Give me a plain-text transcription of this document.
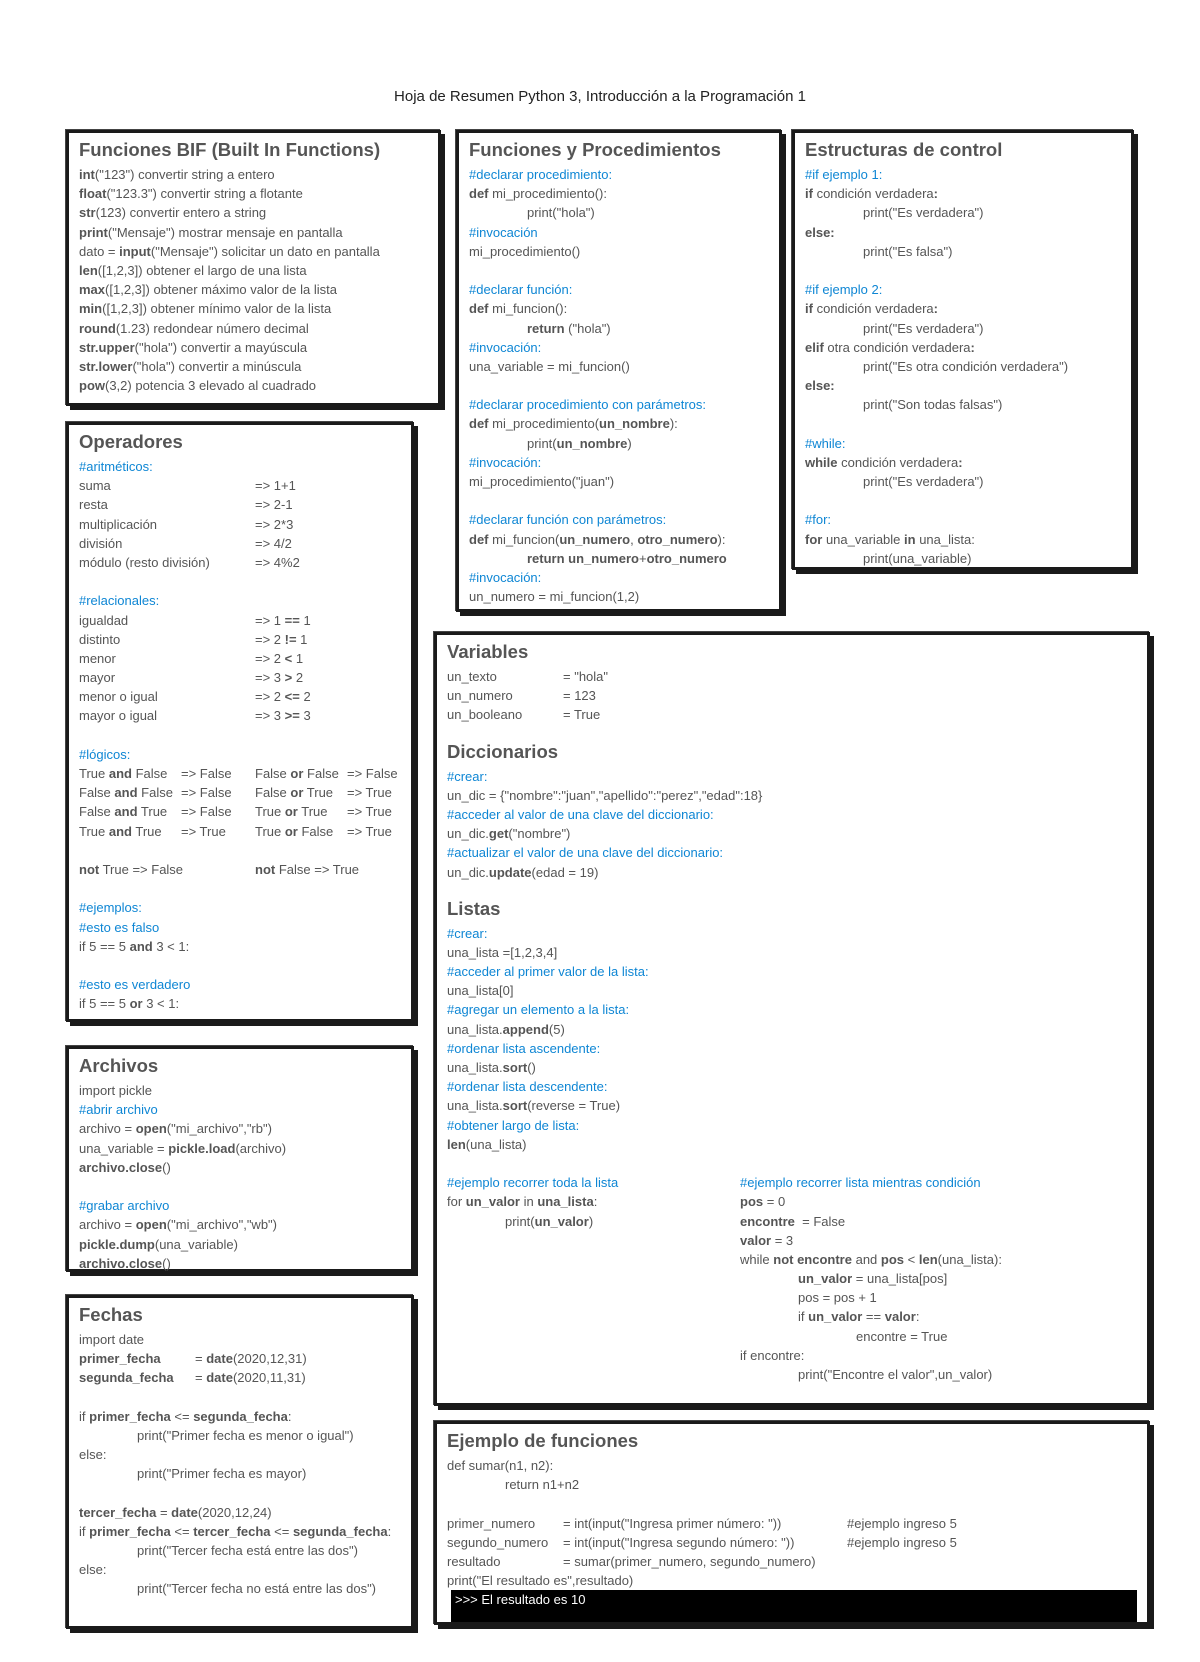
Hoja de Resumen Python 3, Introducción a la Programación 1
Funciones BIF (Built In Functions)
int("123") convertir string a entero
float("123.3") convertir string a flotante
str(123) convertir entero a string
print("Mensaje") mostrar mensaje en pantalla
dato = input("Mensaje") solicitar un dato en pantalla
len([1,2,3]) obtener el largo de una lista
max([1,2,3]) obtener máximo valor de la lista
min([1,2,3]) obtener mínimo valor de la lista
round(1.23) redondear número decimal
str.upper("hola") convertir a mayúscula
str.lower("hola") convertir a minúscula
pow(3,2) potencia 3 elevado al cuadrado
Funciones y Procedimientos
#declarar procedimiento:
def mi_procedimiento():
print("hola")
#invocación
mi_procedimiento()
#declarar función:
def mi_funcion():
return ("hola")
#invocación:
una_variable = mi_funcion()
#declarar procedimiento con parámetros:
def mi_procedimiento(un_nombre):
print(un_nombre)
#invocación:
mi_procedimiento("juan")
#declarar función con parámetros:
def mi_funcion(un_numero, otro_numero):
return un_numero+otro_numero
#invocación:
un_numero = mi_funcion(1,2)
Estructuras de control
#if ejemplo 1:
if condición verdadera:
print("Es verdadera")
else:
print("Es falsa")
#if ejemplo 2:
if condición verdadera:
print("Es verdadera")
elif otra condición verdadera:
print("Es otra condición verdadera")
else:
print("Son todas falsas")
#while:
while condición verdadera:
print("Es verdadera")
#for:
for una_variable in una_lista:
print(una_variable)
Operadores
#aritméticos:
suma	=> 1+1
resta	=> 2-1
multiplicación	=> 2*3
división	=> 4/2
módulo (resto división)	=> 4%2
#relacionales:
igualdad	=> 1 == 1
distinto	=> 2 != 1
menor	=> 2 < 1
mayor	=> 3 > 2
menor o igual	=> 2 <= 2
mayor o igual	=> 3 >= 3
#lógicos:
True and False	=> False	False or False => False
False and False => False	False or True	=> True
False and True	=> False	True or True	=> True
True and True	=> True	True or False	=> True
not True => False	not False => True
#ejemplos:
#esto es falso
if 5 == 5 and 3 < 1:
#esto es verdadero
if 5 == 5 or 3 < 1:
Variables
un_texto	= "hola"
un_numero	= 123
un_booleano	= True
Diccionarios
#crear:
un_dic = {"nombre":"juan","apellido":"perez","edad":18}
#acceder al valor de una clave del diccionario:
un_dic.get("nombre")
#actualizar el valor de una clave del diccionario:
un_dic.update(edad = 19)
Listas
#crear:
una_lista =[1,2,3,4]
#acceder al primer valor de la lista:
una_lista[0]
#agregar un elemento a la lista:
una_lista.append(5)
#ordenar lista ascendente:
una_lista.sort()
#ordenar lista descendente:
una_lista.sort(reverse = True)
#obtener largo de lista:
len(una_lista)
#ejemplo recorrer toda la lista
for un_valor in una_lista:
print(un_valor)
#ejemplo recorrer lista mientras condición
pos = 0
encontre  = False
valor = 3
while not encontre and pos < len(una_lista):
un_valor = una_lista[pos]
pos = pos + 1
if un_valor == valor:
encontre = True
if encontre:
print("Encontre el valor",un_valor)
Archivos
import pickle
#abrir archivo
archivo = open("mi_archivo","rb")
una_variable = pickle.load(archivo)
archivo.close()
#grabar archivo
archivo = open("mi_archivo","wb")
pickle.dump(una_variable)
archivo.close()
Fechas
import date
primer_fecha	= date (2020,12,31)
segunda_fecha	= date (2020,11,31)
if primer_fecha <= segunda_fecha:
print("Primer fecha es menor o igual")
else:
print("Primer fecha es mayor)
tercer_fecha = date(2020,12,24)
if primer_fecha <= tercer_fecha <= segunda_fecha:
print("Tercer fecha está entre las dos")
else:
print("Tercer fecha no está entre las dos")
Ejemplo de funciones
def sumar(n1, n2):
return n1+n2
primer_numero	= int(input("Ingresa primer número: "))	#ejemplo ingreso 5
segundo_numero	= int(input("Ingresa segundo número: "))	#ejemplo ingreso 5
resultado	= sumar(primer_numero, segundo_numero)
print("El resultado es",resultado)
>>> El resultado es 10
